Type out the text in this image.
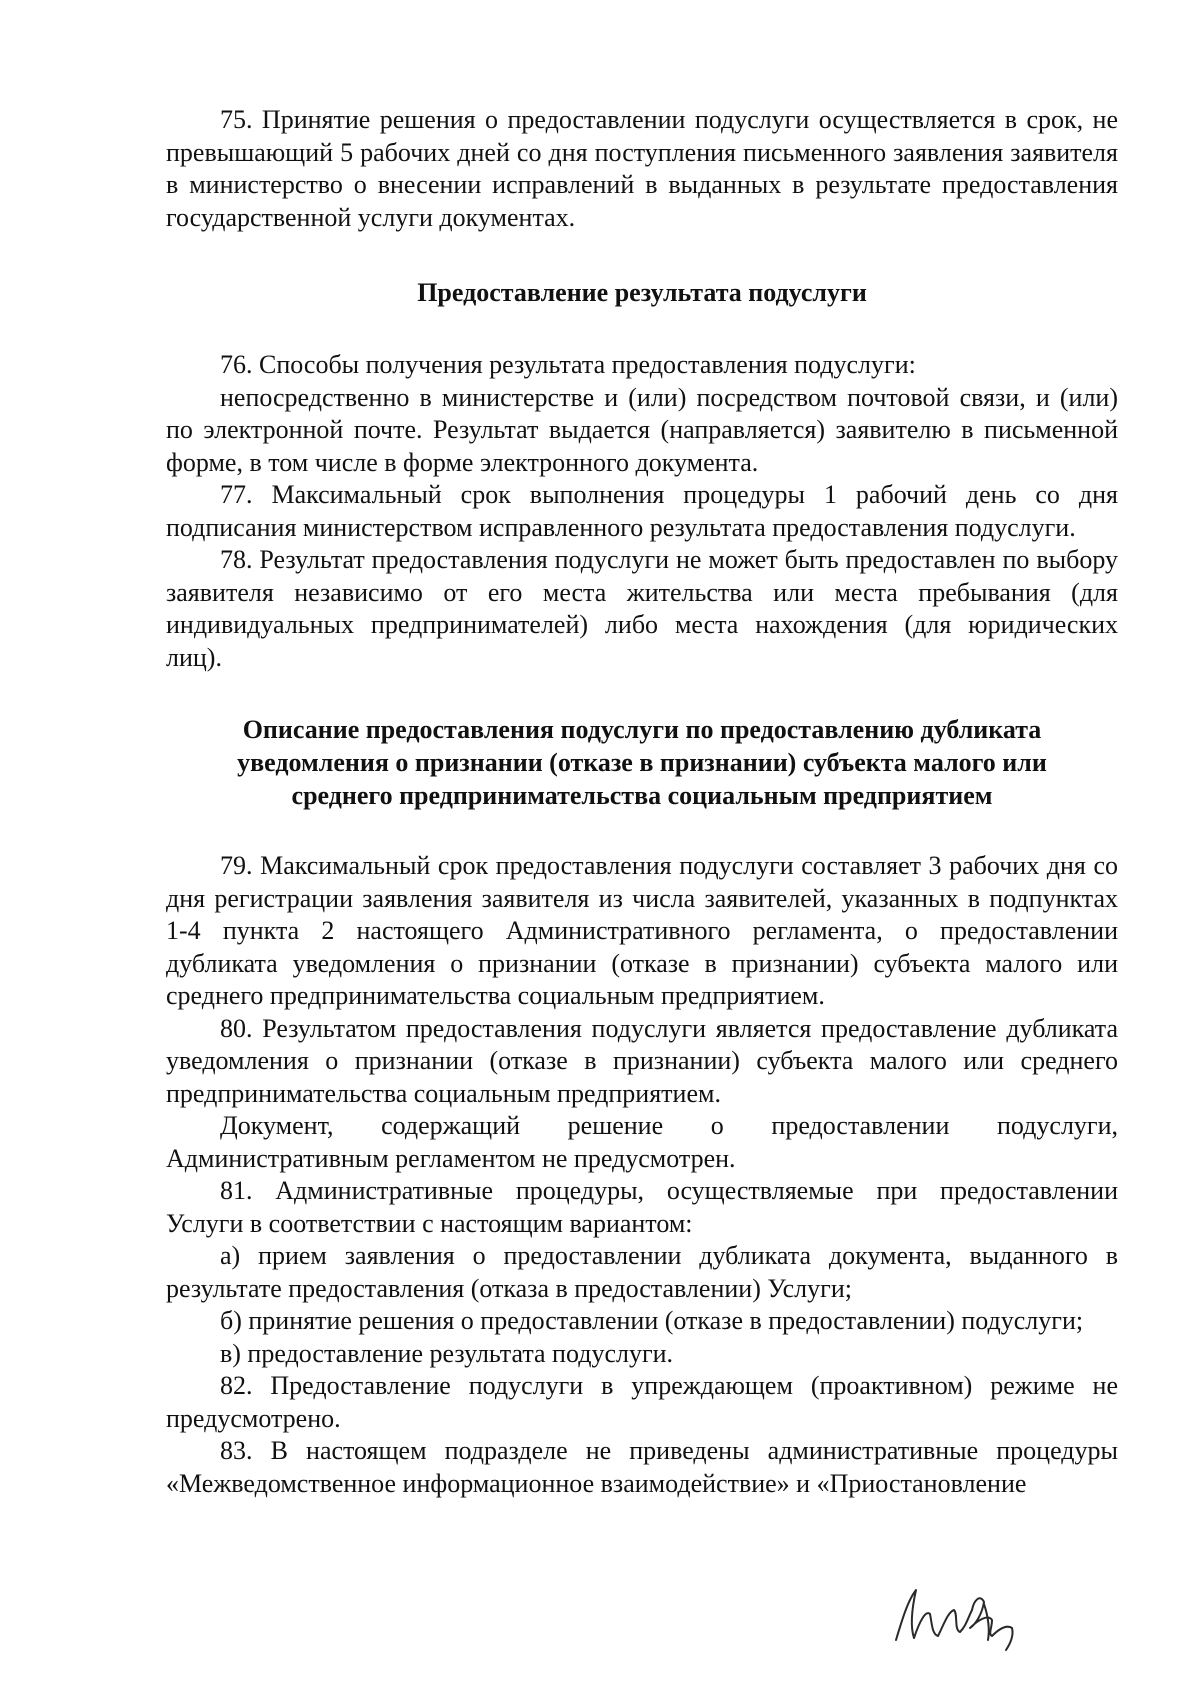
75. Принятие решения о предоставлении подуслуги осуществляется в срок, не превышающий 5 рабочих дней со дня поступления письменного заявления заявителя в министерство о внесении исправлений в выданных в результате предоставления государственной услуги документах.

Предоставление результата подуслуги

76. Способы получения результата предоставления подуслуги:

непосредственно в министерстве и (или) посредством почтовой связи, и (или) по электронной почте. Результат выдается (направляется) заявителю в письменной форме, в том числе в форме электронного документа.

77. Максимальный срок выполнения процедуры 1 рабочий день со дня подписания министерством исправленного результата предоставления подуслуги.

78. Результат предоставления подуслуги не может быть предоставлен по выбору заявителя независимо от его места жительства или места пребывания (для индивидуальных предпринимателей) либо места нахождения (для юридических лиц).

Описание предоставления подуслуги по предоставлению дубликата
уведомления о признании (отказе в признании) субъекта малого или
среднего предпринимательства социальным предприятием

79. Максимальный срок предоставления подуслуги составляет 3 рабочих дня со дня регистрации заявления заявителя из числа заявителей, указанных в подпунктах 1-4 пункта 2 настоящего Административного регламента, о предоставлении дубликата уведомления о признании (отказе в признании) субъекта малого или среднего предпринимательства социальным предприятием.

80. Результатом предоставления подуслуги является предоставление дубликата уведомления о признании (отказе в признании) субъекта малого или среднего предпринимательства социальным предприятием.

Документ, содержащий решение о предоставлении подуслуги, Административным регламентом не предусмотрен.

81. Административные процедуры, осуществляемые при предоставлении Услуги в соответствии с настоящим вариантом:

а) прием заявления о предоставлении дубликата документа, выданного в результате предоставления (отказа в предоставлении) Услуги;

б) принятие решения о предоставлении (отказе в предоставлении) подуслуги;

в) предоставление результата подуслуги.

82. Предоставление подуслуги в упреждающем (проактивном) режиме не предусмотрено.

83. В настоящем подразделе не приведены административные процедуры «Межведомственное информационное взаимодействие» и «Приостановление
